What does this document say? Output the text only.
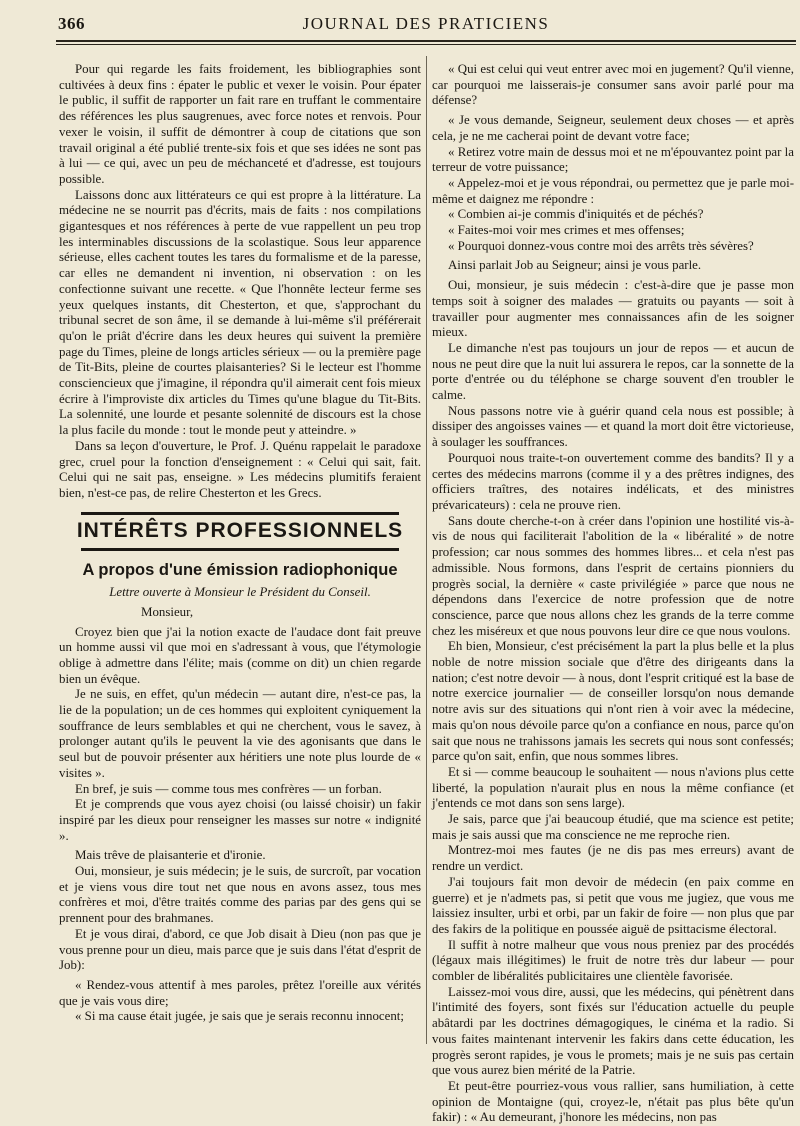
366	JOURNAL DES PRATICIENS

Pour qui regarde les faits froidement, les bibliographies sont cultivées à deux fins : épater le public et vexer le voisin. Pour épater le public, il suffit de rapporter un fait rare en truffant le commentaire des références les plus saugrenues, avec force notes et renvois. Pour vexer le voisin, il suffit de démontrer à coup de citations que son travail original a été publié trente-six fois et que ses idées ne sont pas à lui — ce qui, avec un peu de méchanceté et d'adresse, est toujours possible.

Laissons donc aux littérateurs ce qui est propre à la littérature. La médecine ne se nourrit pas d'écrits, mais de faits : nos compilations gigantesques et nos références à perte de vue rappellent un peu trop les interminables discussions de la scolastique. Sous leur apparence sérieuse, elles cachent toutes les tares du formalisme et de la paresse, car elles ne demandent ni invention, ni observation : on les confectionne suivant une recette. « Que l'honnête lecteur ferme ses yeux quelques instants, dit Chesterton, et que, s'approchant du tribunal secret de son âme, il se demande à lui-même s'il préférerait qu'on le priât d'écrire dans les deux heures qui suivent la première page du Times, pleine de longs articles sérieux — ou la première page de Tit-Bits, pleine de courtes plaisanteries? Si le lecteur est l'homme consciencieux que j'imagine, il répondra qu'il aimerait cent fois mieux écrire à l'improviste dix articles du Times qu'une blague du Tit-Bits. La solennité, une lourde et pesante solennité de discours est la chose la plus facile du monde : tout le monde peut y atteindre. »

Dans sa leçon d'ouverture, le Prof. J. Quénu rappelait le paradoxe grec, cruel pour la fonction d'enseignement : « Celui qui sait, fait. Celui qui ne sait pas, enseigne. » Les médecins plumitifs feraient bien, n'est-ce pas, de relire Chesterton et les Grecs.

INTÉRÊTS PROFESSIONNELS
A propos d'une émission radiophonique

Lettre ouverte à Monsieur le Président du Conseil.

Monsieur,

Croyez bien que j'ai la notion exacte de l'audace dont fait preuve un homme aussi vil que moi en s'adressant à vous, que l'étymologie oblige à admettre dans l'élite; mais (comme on dit) un chien regarde bien un évêque.

Je ne suis, en effet, qu'un médecin — autant dire, n'est-ce pas, la lie de la population; un de ces hommes qui exploitent cyniquement la souffrance de leurs semblables et qui ne cherchent, vous le savez, à prolonger autant qu'ils le peuvent la vie des agonisants que dans le seul but de pouvoir présenter aux héritiers une note plus lourde de « visites ».

En bref, je suis — comme tous mes confrères — un forban.

Et je comprends que vous ayez choisi (ou laissé choisir) un fakir inspiré par les dieux pour renseigner les masses sur notre « indignité ».

Mais trêve de plaisanterie et d'ironie.

Oui, monsieur, je suis médecin; je le suis, de surcroît, par vocation et je viens vous dire tout net que nous en avons assez, tous mes confrères et moi, d'être traités comme des parias par des gens qui se prennent pour des brahmanes.

Et je vous dirai, d'abord, ce que Job disait à Dieu (non pas que je vous prenne pour un dieu, mais parce que je suis dans l'état d'esprit de Job):

« Rendez-vous attentif à mes paroles, prêtez l'oreille aux vérités que je vais vous dire;

« Si ma cause était jugée, je sais que je serais reconnu innocent;

« Qui est celui qui veut entrer avec moi en jugement? Qu'il vienne, car pourquoi me laisserais-je consumer sans avoir parlé pour ma défense?

« Je vous demande, Seigneur, seulement deux choses — et après cela, je ne me cacherai point de devant votre face;

« Retirez votre main de dessus moi et ne m'épouvantez point par la terreur de votre puissance;

« Appelez-moi et je vous répondrai, ou permettez que je parle moi-même et daignez me répondre :

« Combien ai-je commis d'iniquités et de péchés?

« Faites-moi voir mes crimes et mes offenses;

« Pourquoi donnez-vous contre moi des arrêts très sévères?

Ainsi parlait Job au Seigneur; ainsi je vous parle.

Oui, monsieur, je suis médecin : c'est-à-dire que je passe mon temps soit à soigner des malades — gratuits ou payants — soit à travailler pour augmenter mes connaissances afin de les soigner mieux.

Le dimanche n'est pas toujours un jour de repos — et aucun de nous ne peut dire que la nuit lui assurera le repos, car la sonnette de la porte d'entrée ou du téléphone se charge souvent d'en troubler le calme.

Nous passons notre vie à guérir quand cela nous est possible; à dissiper des angoisses vaines — et quand la mort doit être victorieuse, à soulager les souffrances.

Pourquoi nous traite-t-on ouvertement comme des bandits? Il y a certes des médecins marrons (comme il y a des prêtres indignes, des officiers traîtres, des notaires indélicats, et des ministres prévaricateurs) : cela ne prouve rien.

Sans doute cherche-t-on à créer dans l'opinion une hostilité vis-à-vis de nous qui faciliterait l'abolition de la « libéralité » de notre profession; car nous sommes des hommes libres... et cela n'est pas admissible. Nous formons, dans l'esprit de certains pionniers du progrès social, la dernière « caste privilégiée » parce que nous ne dépendons dans l'exercice de notre profession que de notre conscience, parce que nous allons chez les grands de la terre comme chez les miséreux et que nous pouvons leur dire ce que nous voulons.

Eh bien, Monsieur, c'est précisément la part la plus belle et la plus noble de notre mission sociale que d'être des dirigeants dans la nation; c'est notre devoir — à nous, dont l'esprit critiqué est la base de notre exercice journalier — de conseiller lorsqu'on nous demande notre avis sur des situations qui n'ont rien à voir avec la médecine, mais qu'on nous dévoile parce qu'on a confiance en nous, parce qu'on sait que nous ne trahissons jamais les secrets qui nous sont confessés; parce qu'on sait, enfin, que nous sommes libres.

Et si — comme beaucoup le souhaitent — nous n'avions plus cette liberté, la population n'aurait plus en nous la même confiance (et j'entends ce mot dans son sens large).

Je sais, parce que j'ai beaucoup étudié, que ma science est petite; mais je sais aussi que ma conscience ne me reproche rien.

Montrez-moi mes fautes (je ne dis pas mes erreurs) avant de rendre un verdict.

J'ai toujours fait mon devoir de médecin (en paix comme en guerre) et je n'admets pas, si petit que vous me jugiez, que vous me laissiez insulter, urbi et orbi, par un fakir de foire — non plus que par des fakirs de la politique en poussée aiguë de psittacisme électoral.

Il suffit à notre malheur que vous nous preniez par des procédés (légaux mais illégitimes) le fruit de notre très dur labeur — pour combler de libéralités publicitaires une clientèle favorisée.

Laissez-moi vous dire, aussi, que les médecins, qui pénètrent dans l'intimité des foyers, sont fixés sur l'éducation actuelle du peuple abâtardi par les doctrines démagogiques, le cinéma et la radio. Si vous faites maintenant intervenir les fakirs dans cette éducation, les progrès seront rapides, je vous le promets; mais je ne suis pas certain que vous aurez bien mérité de la Patrie.

Et peut-être pourriez-vous vous rallier, sans humiliation, à cette opinion de Montaigne (qui, croyez-le, n'était pas plus bête qu'un fakir) : « Au demeurant, j'honore les médecins, non pas
